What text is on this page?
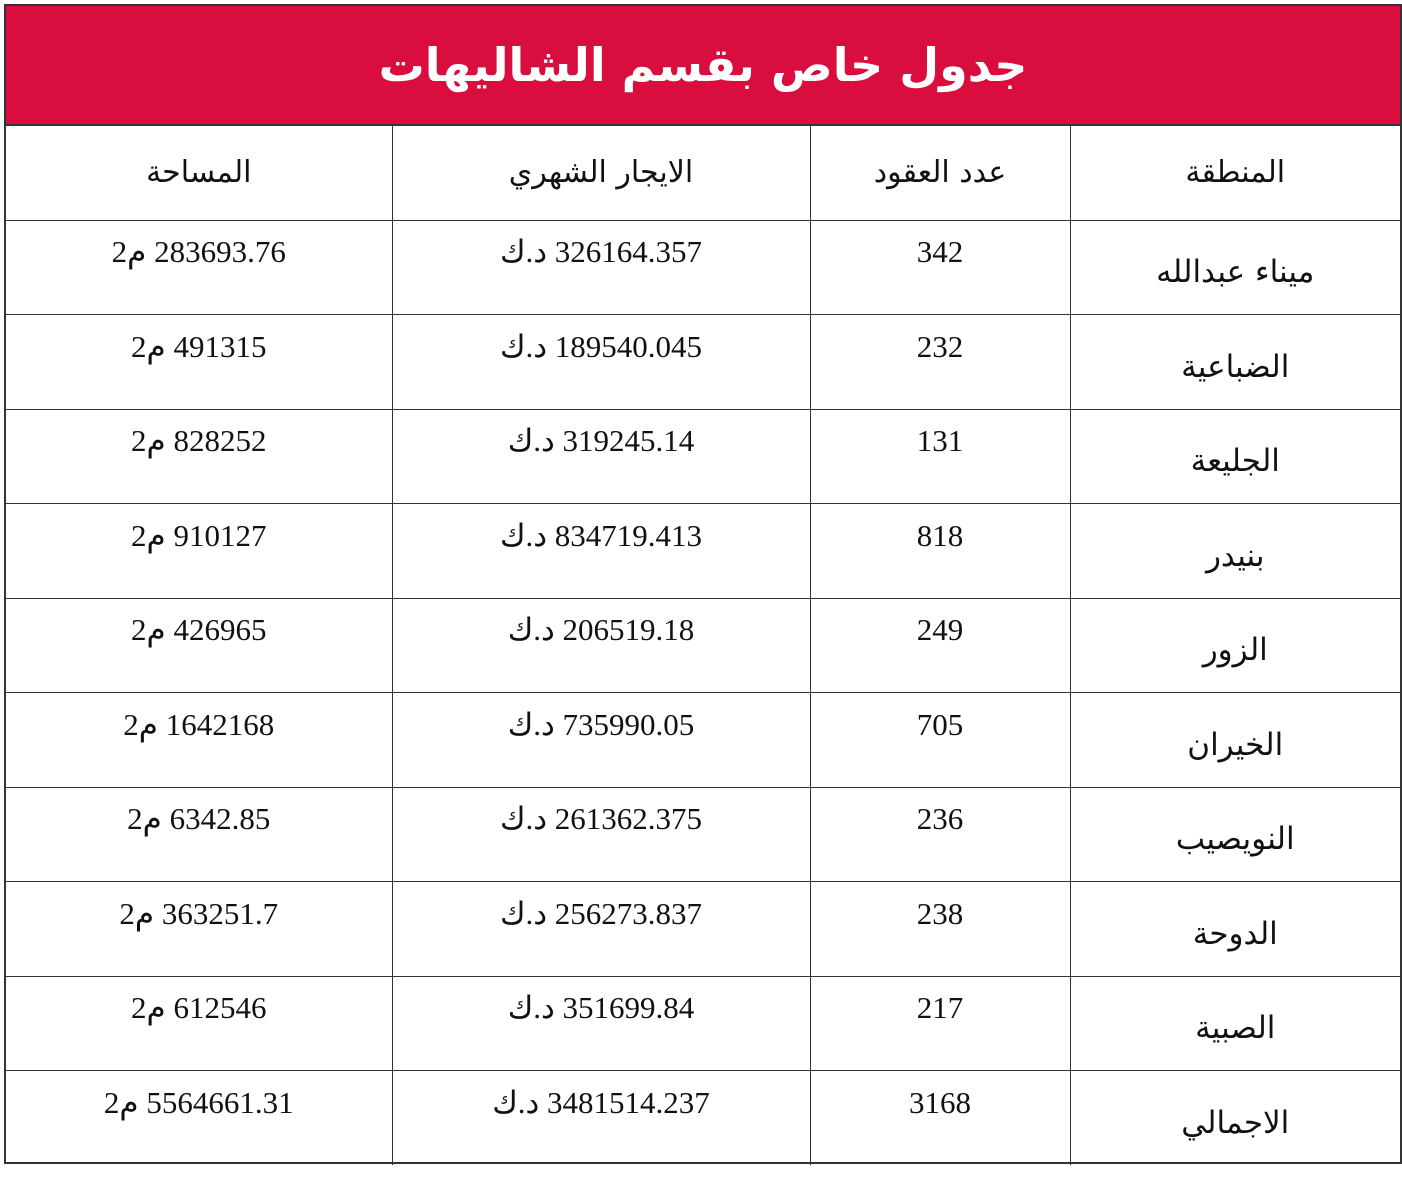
جدول خاص بقسم الشاليهات
المنطقة	عدد العقود	الايجار الشهري	المساحة
ميناء عبدالله	342	326164.357 د.ك	283693.76 م2
الضباعية	232	189540.045 د.ك	491315 م2
الجليعة	131	319245.14 د.ك	828252 م2
بنيدر	818	834719.413 د.ك	910127 م2
الزور	249	206519.18 د.ك	426965 م2
الخيران	705	735990.05 د.ك	1642168 م2
النويصيب	236	261362.375 د.ك	6342.85 م2
الدوحة	238	256273.837 د.ك	363251.7 م2
الصبية	217	351699.84 د.ك	612546 م2
الاجمالي	3168	3481514.237 د.ك	5564661.31 م2
